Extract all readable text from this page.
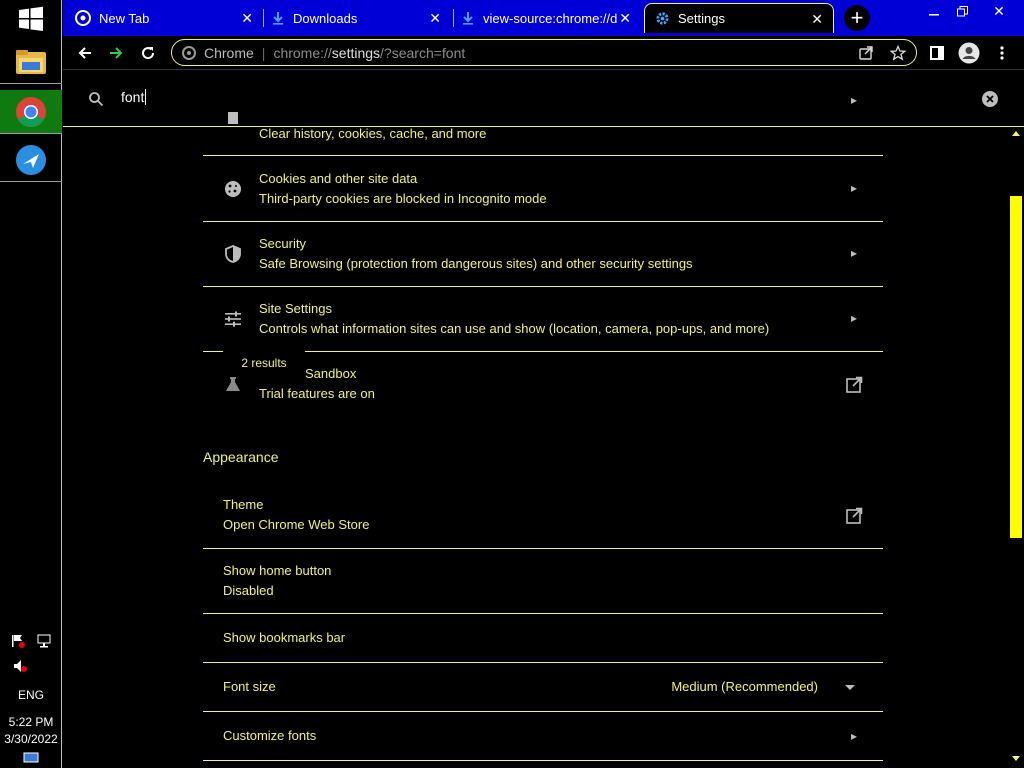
ENG
5:22 PM
3/30/2022
New Tab	✕	Downloads	✕	view-source:chrome://d ✕	Settings	✕ +	✕
Chrome | chrome://settings/?search=font
font
Clear history, cookies, cache, and more
▸
Cookies and other site data
Third-party cookies are blocked in Incognito mode
▸
Security
Safe Browsing (protection from dangerous sites) and other security settings
▸
Site Settings
Controls what information sites can use and show (location, camera, pop-ups, and more)
▸
Sandbox
Trial features are on
2 results
Appearance
Theme
Open Chrome Web Store
Show home button
Disabled
Show bookmarks bar
Font size	Medium (Recommended)
Customize fonts	▸
